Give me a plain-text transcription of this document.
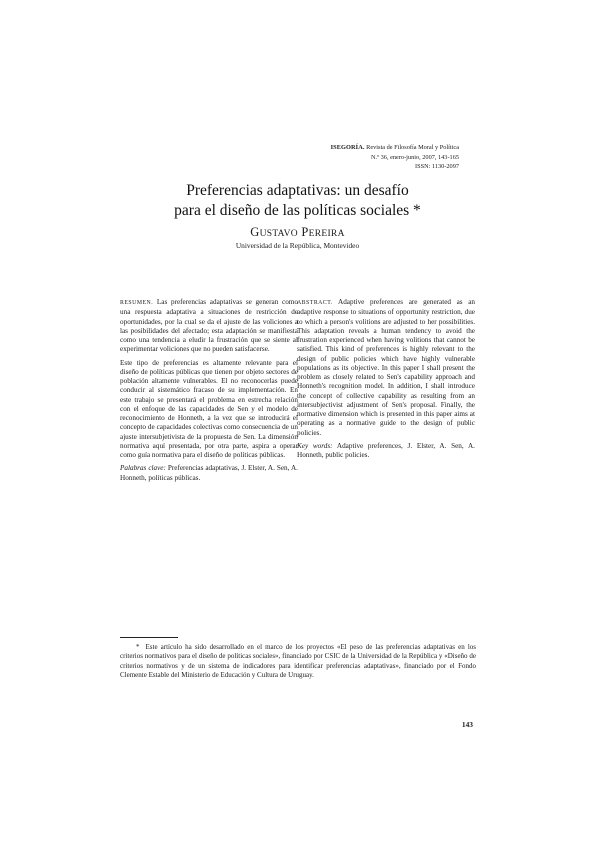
ISEGORÍA. Revista de Filosofía Moral y Política
N.º 36, enero-junio, 2007, 143-165
ISSN: 1130-2097
Preferencias adaptativas: un desafío
para el diseño de las políticas sociales *
GUSTAVO PEREIRA
Universidad de la República, Montevideo

RESUMEN. Las preferencias adaptativas se generan como una respuesta adaptativa a situaciones de restricción de oportunidades, por la cual se da el ajuste de las voliciones a las posibilidades del afectado; esta adaptación se manifiesta como una tendencia a eludir la frustración que se siente al experimentar voliciones que no pueden satisfacerse.

Este tipo de preferencias es altamente relevante para el diseño de políticas públicas que tienen por objeto sectores de población altamente vulnerables. El no reconocerlas puede conducir al sistemático fracaso de su implementación. En este trabajo se presentará el problema en estrecha relación con el enfoque de las capacidades de Sen y el modelo de reconocimiento de Honneth, a la vez que se introducirá el concepto de capacidades colectivas como consecuencia de un ajuste intersubjetivista de la propuesta de Sen. La dimensión normativa aquí presentada, por otra parte, aspira a operar como guía normativa para el diseño de políticas públicas.

Palabras clave: Preferencias adaptativas, J. Elster, A. Sen, A. Honneth, políticas públicas.

ABSTRACT. Adaptive preferences are generated as an adaptive response to situations of opportunity restriction, due to which a person's volitions are adjusted to her possibilities. This adaptation reveals a human tendency to avoid the frustration experienced when having volitions that cannot be satisfied. This kind of preferences is highly relevant to the design of public policies which have highly vulnerable populations as its objective. In this paper I shall present the problem as closely related to Sen's capability approach and Honneth's recognition model. In addition, I shall introduce the concept of collective capability as resulting from an intersubjectivist adjustment of Sen's proposal. Finally, the normative dimension which is presented in this paper aims at operating as a normative guide to the design of public policies.

Key words: Adaptive preferences, J. Elster, A. Sen, A. Honneth, public policies.

* Este artículo ha sido desarrollado en el marco de los proyectos «El peso de las preferencias adaptativas en los criterios normativos para el diseño de políticas sociales», financiado por CSIC de la Universidad de la República y «Diseño de criterios normativos y de un sistema de indicadores para identificar preferencias adaptativas», financiado por el Fondo Clemente Estable del Ministerio de Educación y Cultura de Uruguay.
143
